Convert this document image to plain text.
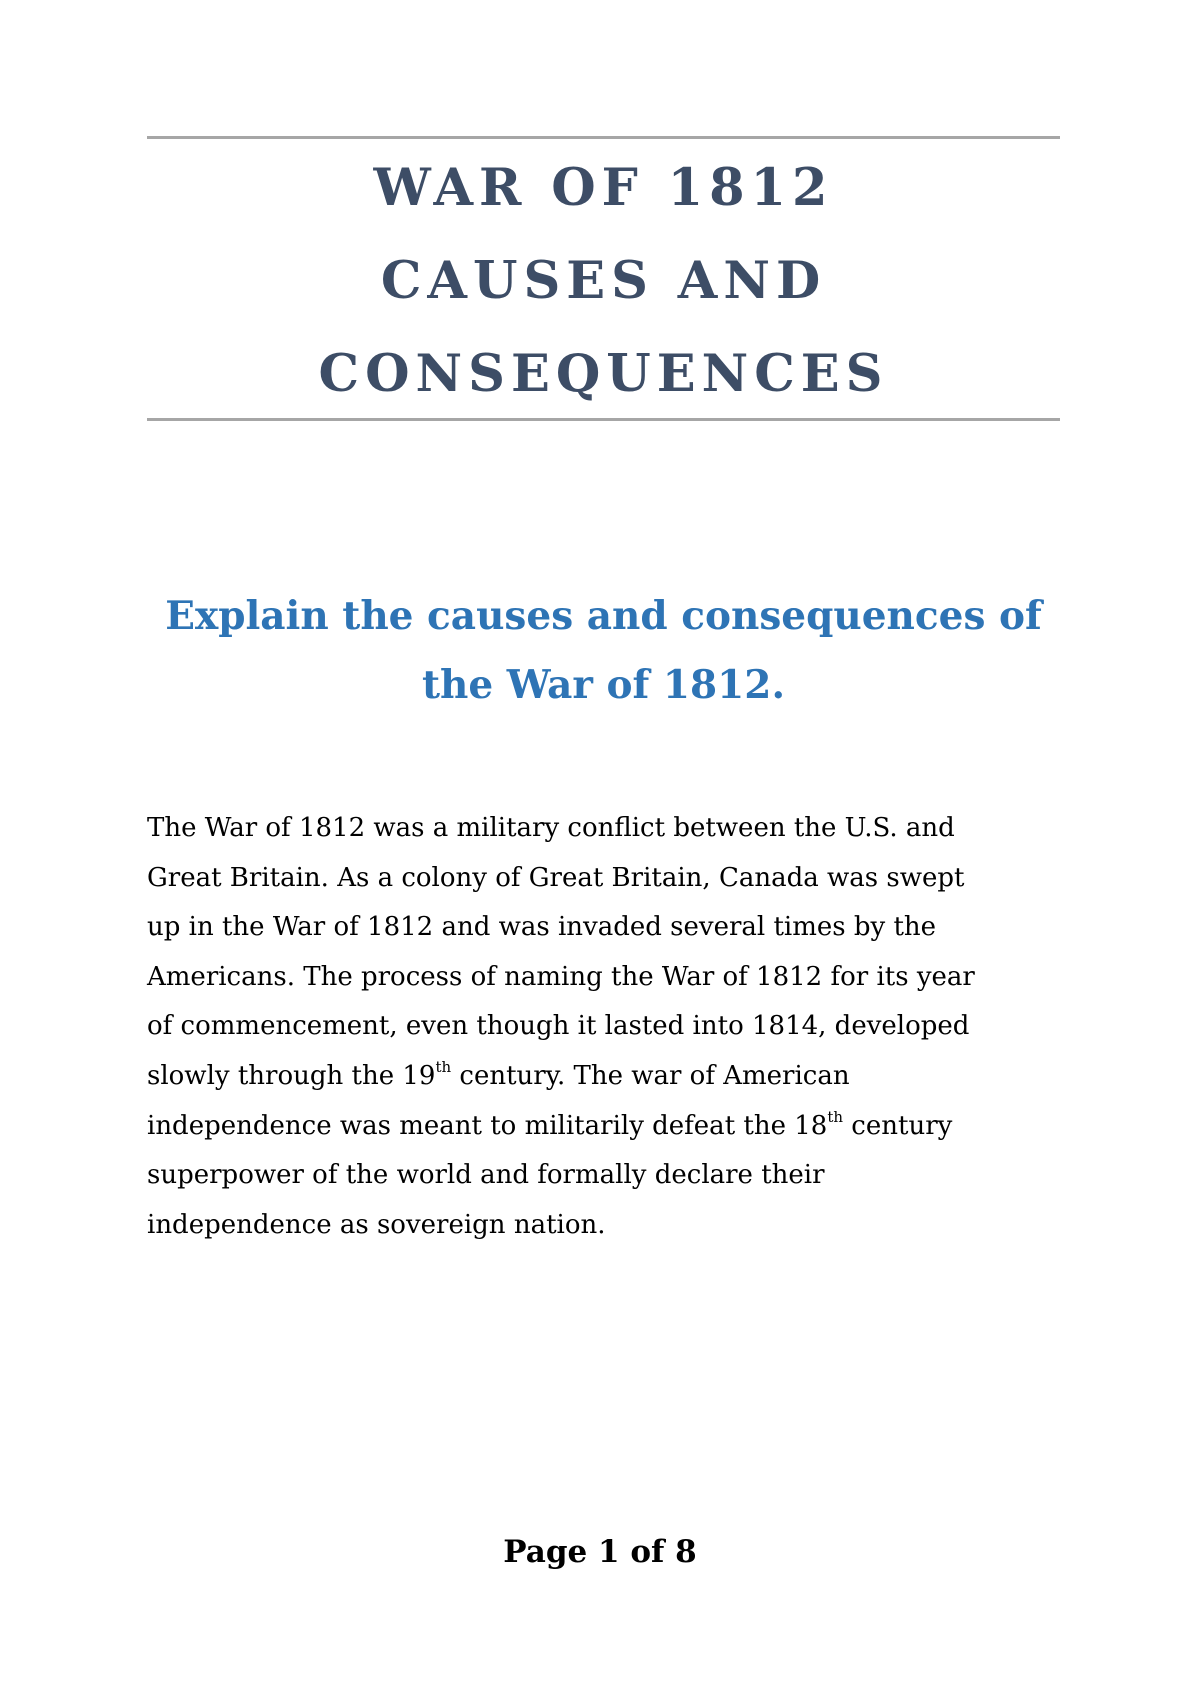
WAR OF 1812
CAUSES AND
CONSEQUENCES
Explain the causes and consequences of
the War of 1812.
The War of 1812 was a military conflict between the U.S. and
Great Britain. As a colony of Great Britain, Canada was swept
up in the War of 1812 and was invaded several times by the
Americans. The process of naming the War of 1812 for its year
of commencement, even though it lasted into 1814, developed
slowly through the 19th century. The war of American
independence was meant to militarily defeat the 18th century
superpower of the world and formally declare their
independence as sovereign nation.
Page 1 of 8
